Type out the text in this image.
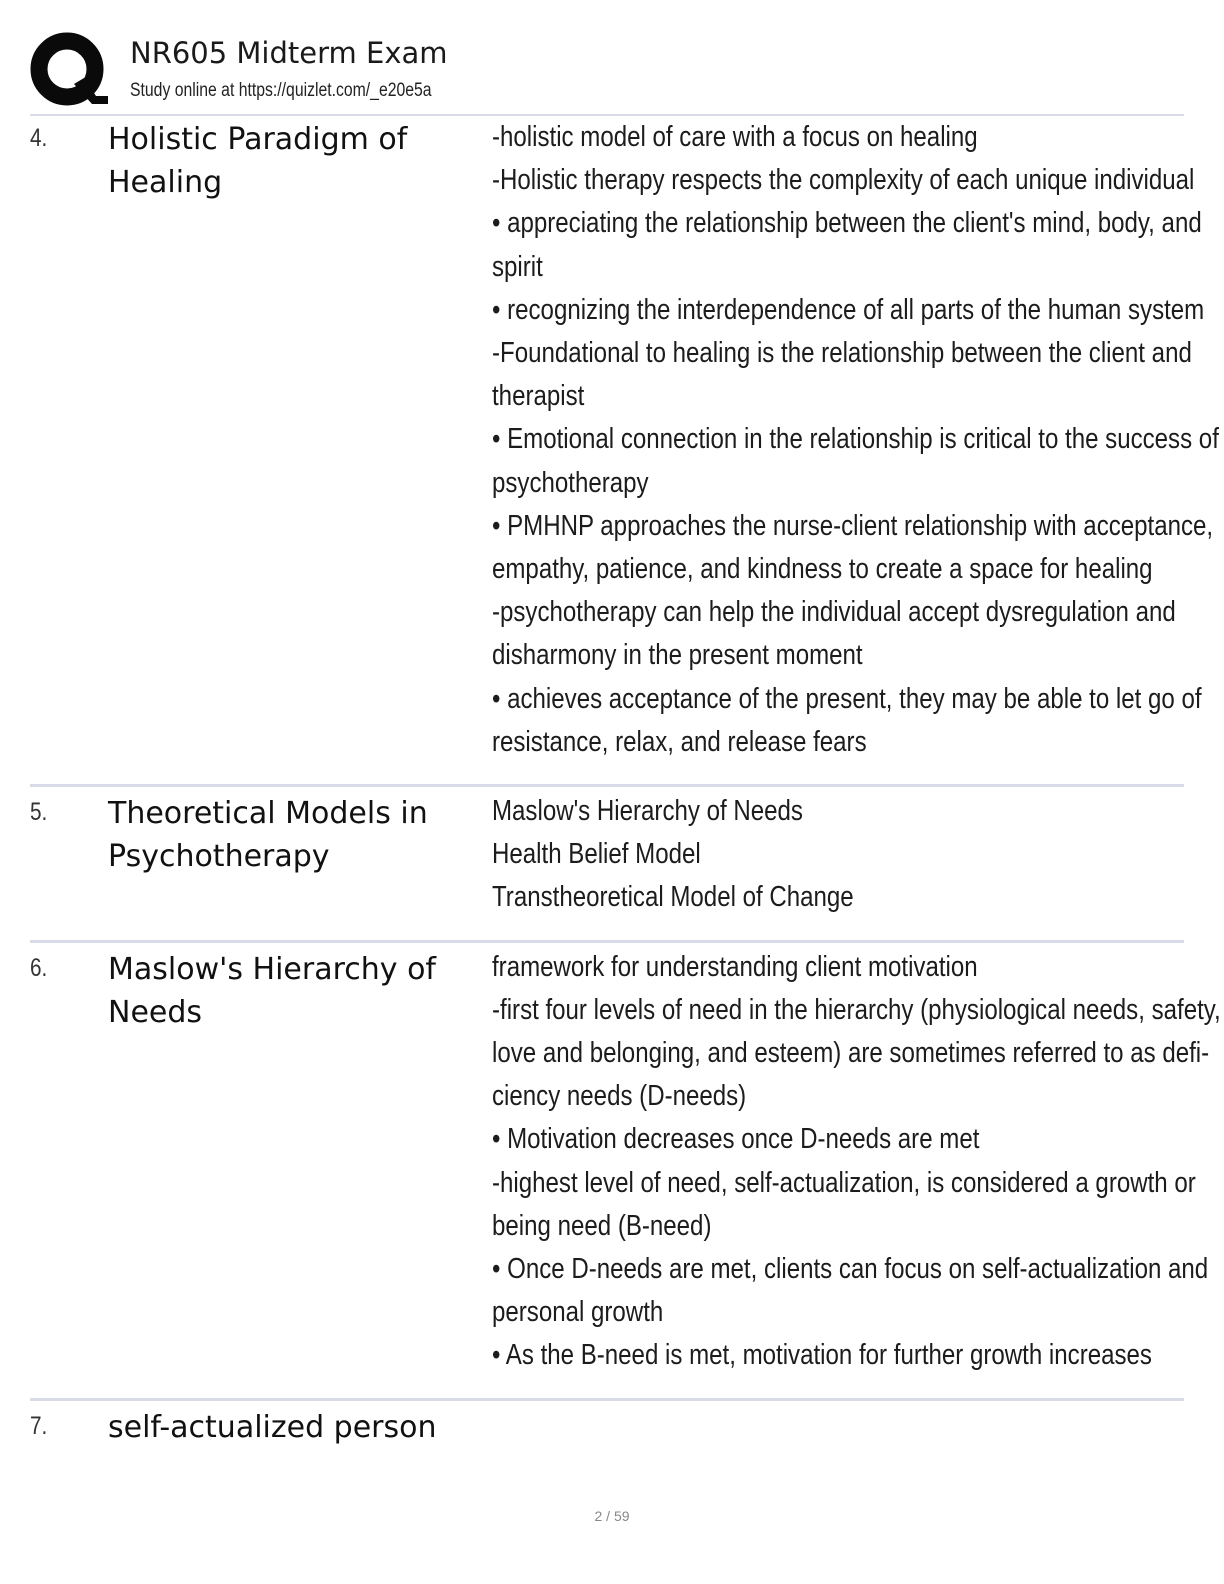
NR605 Midterm Exam
Study online at https://quizlet.com/_e20e5a
4.	Holistic Paradigm of Healing
-holistic model of care with a focus on healing
-Holistic therapy respects the complexity of each unique individual
• appreciating the relationship between the client's mind, body, and
spirit
• recognizing the interdependence of all parts of the human system
-Foundational to healing is the relationship between the client and
therapist
• Emotional connection in the relationship is critical to the success of
psychotherapy
• PMHNP approaches the nurse-client relationship with acceptance,
empathy, patience, and kindness to create a space for healing
-psychotherapy can help the individual accept dysregulation and
disharmony in the present moment
• achieves acceptance of the present, they may be able to let go of
resistance, relax, and release fears
5.	Theoretical Models in Psychotherapy
Maslow's Hierarchy of Needs
Health Belief Model
Transtheoretical Model of Change
6.	Maslow's Hierarchy of Needs
framework for understanding client motivation
-first four levels of need in the hierarchy (physiological needs, safety,
love and belonging, and esteem) are sometimes referred to as defi-
ciency needs (D-needs)
• Motivation decreases once D-needs are met
-highest level of need, self-actualization, is considered a growth or
being need (B-need)
• Once D-needs are met, clients can focus on self-actualization and
personal growth
• As the B-need is met, motivation for further growth increases
7.	self-actualized person
2 / 59
